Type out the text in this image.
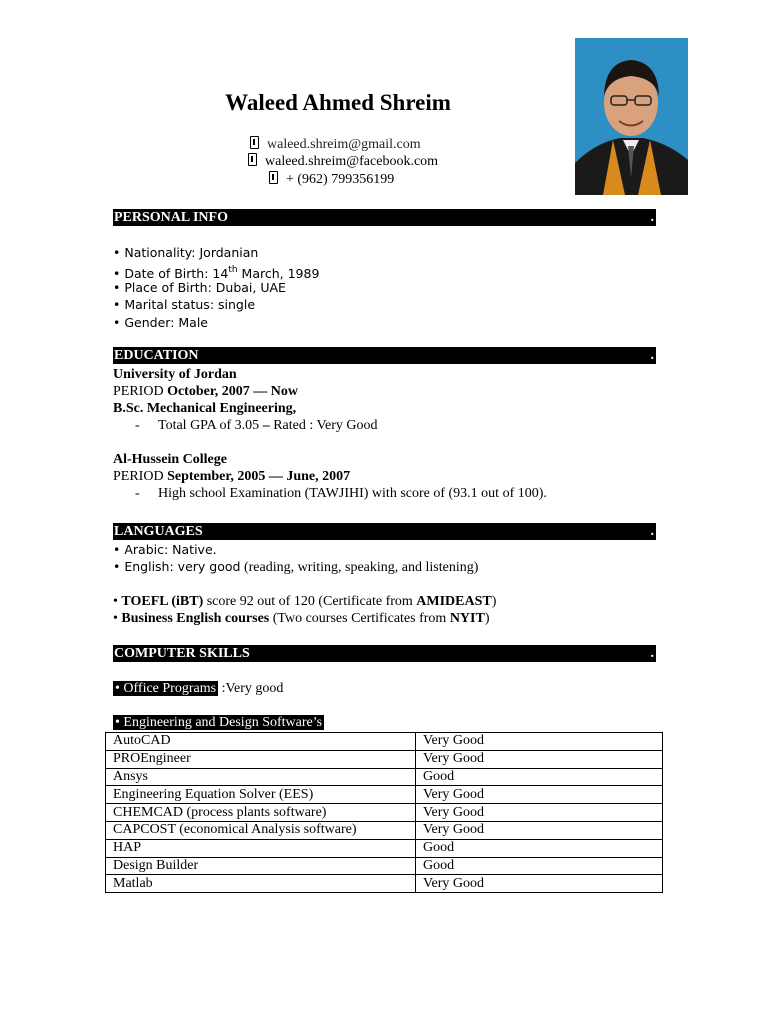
Waleed Ahmed Shreim
waleed.shreim@gmail.com
waleed.shreim@facebook.com
+ (962) 799356199
PERSONAL INFO	.
• Nationality: Jordanian
• Date of Birth: 14th March, 1989
• Place of Birth: Dubai, UAE
• Marital status: single
• Gender: Male
EDUCATION	.
University of Jordan
PERIOD October, 2007 — Now
B.Sc. Mechanical Engineering,
- Total GPA of 3.05 – Rated : Very Good
Al-Hussein College
PERIOD September, 2005 — June, 2007
- High school Examination (TAWJIHI) with score of (93.1 out of 100).
LANGUAGES	.
• Arabic: Native.
• English: very good (reading, writing, speaking, and listening)
• TOEFL (iBT) score 92 out of 120 (Certificate from AMIDEAST)
• Business English courses (Two courses Certificates from NYIT)
COMPUTER SKILLS	.
• Office Programs :Very good
• Engineering and Design Software’s
AutoCAD	Very Good
PROEngineer	Very Good
Ansys	Good
Engineering Equation Solver (EES)	Very Good
CHEMCAD (process plants software)	Very Good
CAPCOST (economical Analysis software)	Very Good
HAP	Good
Design Builder	Good
Matlab	Very Good
